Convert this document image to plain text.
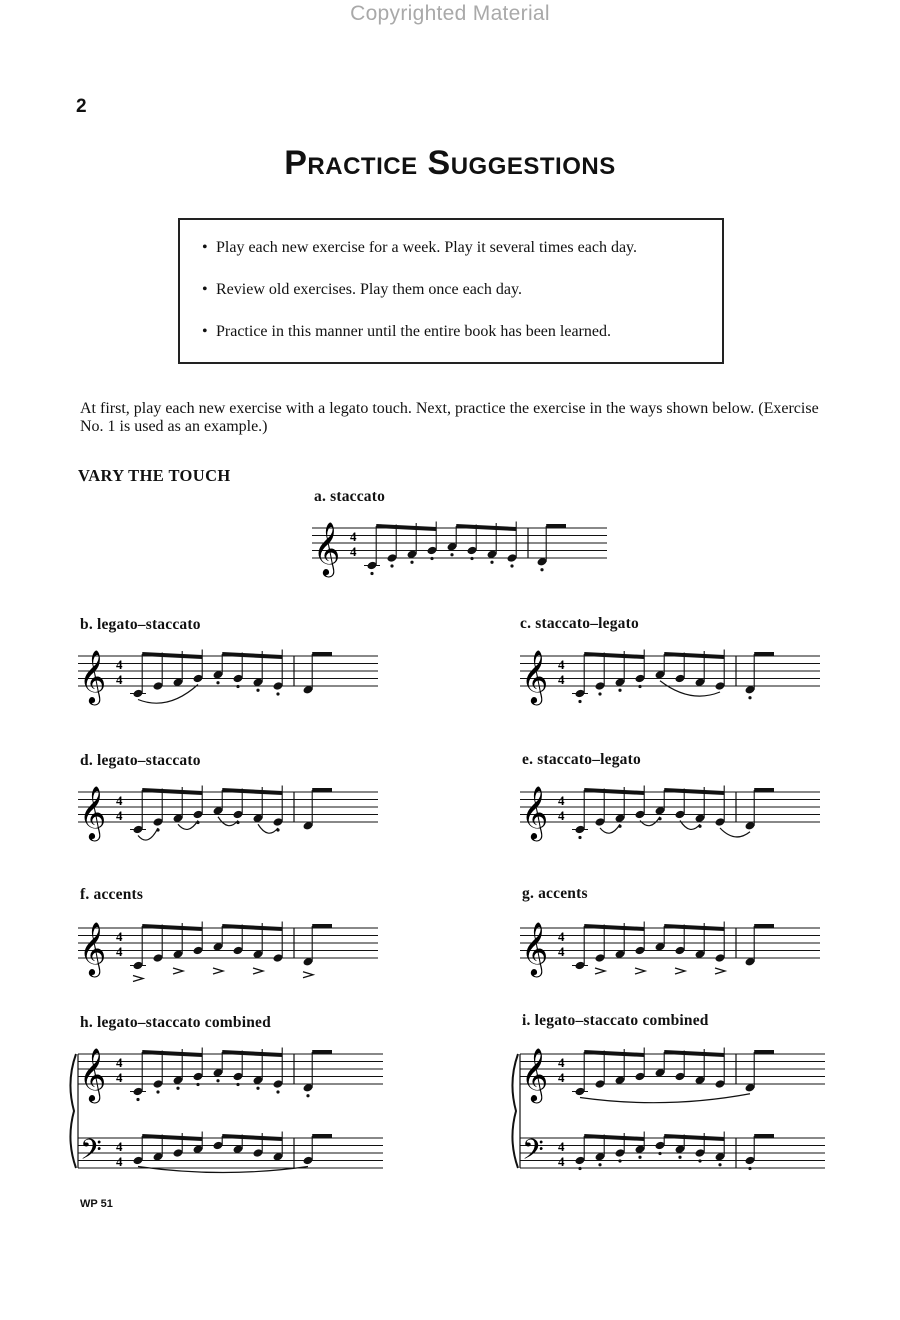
Copyrighted Material
2
Practice Suggestions
• Play each new exercise for a week. Play it several times each day.
• Review old exercises. Play them once each day.
• Practice in this manner until the entire book has been learned.
At first, play each new exercise with a legato touch. Next, practice the exercise in the ways shown below. (Exercise No. 1 is used as an example.)
VARY THE TOUCH
a. staccato
𝄞 4
4
b. legato–staccato
𝄞 4
4
c. staccato–legato
𝄞 4
4
d. legato–staccato
𝄞 4
4
e. staccato–legato
𝄞 4
4
f. accents
𝄞 4
4
g. accents
𝄞 4
4
h. legato–staccato combined
𝄞 4
4
𝄢 4
4
i. legato–staccato combined
𝄞 4
4
𝄢 4
4
WP 51
